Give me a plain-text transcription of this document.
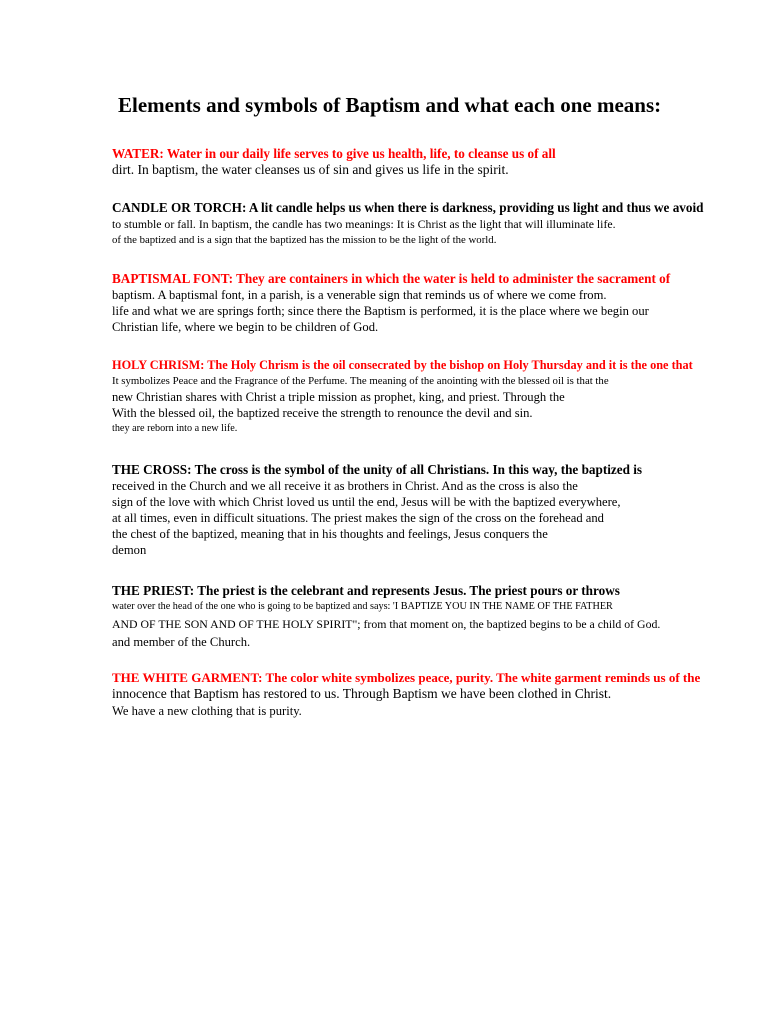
Elements and symbols of Baptism and what each one means:
WATER: Water in our daily life serves to give us health, life, to cleanse us of all
dirt. In baptism, the water cleanses us of sin and gives us life in the spirit.
CANDLE OR TORCH: A lit candle helps us when there is darkness, providing us light and thus we avoid
to stumble or fall. In baptism, the candle has two meanings: It is Christ as the light that will illuminate life.
of the baptized and is a sign that the baptized has the mission to be the light of the world.
BAPTISMAL FONT: They are containers in which the water is held to administer the sacrament of
baptism. A baptismal font, in a parish, is a venerable sign that reminds us of where we come from.
life and what we are springs forth; since there the Baptism is performed, it is the place where we begin our
Christian life, where we begin to be children of God.
HOLY CHRISM: The Holy Chrism is the oil consecrated by the bishop on Holy Thursday and it is the one that
It symbolizes Peace and the Fragrance of the Perfume. The meaning of the anointing with the blessed oil is that the
new Christian shares with Christ a triple mission as prophet, king, and priest. Through the
With the blessed oil, the baptized receive the strength to renounce the devil and sin.
they are reborn into a new life.
THE CROSS: The cross is the symbol of the unity of all Christians. In this way, the baptized is
received in the Church and we all receive it as brothers in Christ. And as the cross is also the
sign of the love with which Christ loved us until the end, Jesus will be with the baptized everywhere,
at all times, even in difficult situations. The priest makes the sign of the cross on the forehead and
the chest of the baptized, meaning that in his thoughts and feelings, Jesus conquers the
demon
THE PRIEST: The priest is the celebrant and represents Jesus. The priest pours or throws
water over the head of the one who is going to be baptized and says: 'I BAPTIZE YOU IN THE NAME OF THE FATHER
AND OF THE SON AND OF THE HOLY SPIRIT"; from that moment on, the baptized begins to be a child of God.
and member of the Church.
THE WHITE GARMENT: The color white symbolizes peace, purity. The white garment reminds us of the
innocence that Baptism has restored to us. Through Baptism we have been clothed in Christ.
We have a new clothing that is purity.
